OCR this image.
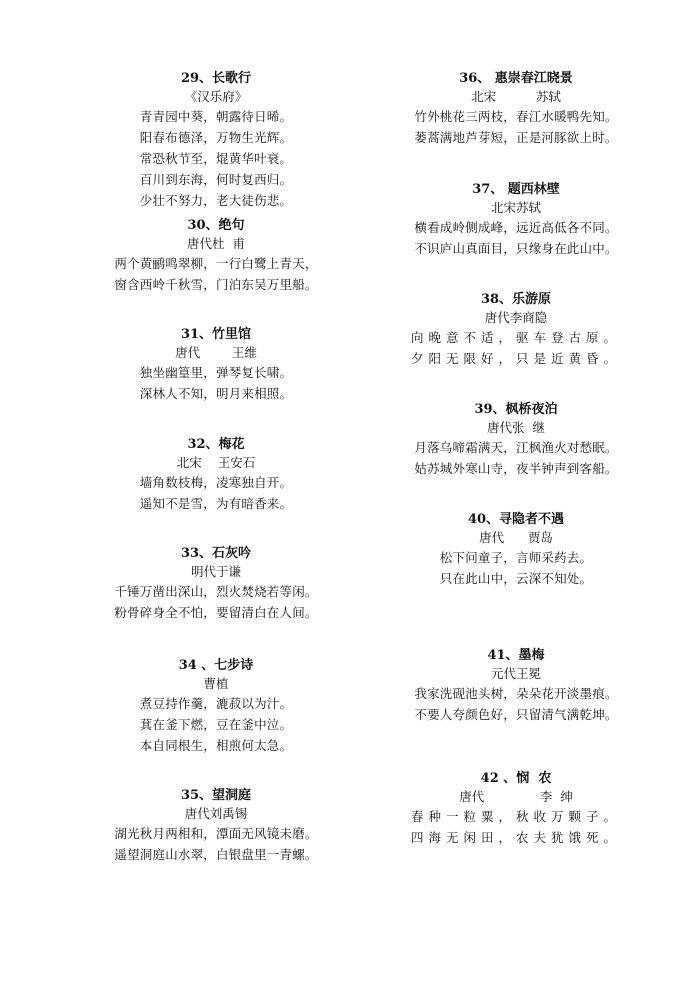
29、长歌行
《汉乐府》
青青园中葵，朝露待日晞。
阳春布德泽，万物生光辉。
常恐秋节至，焜黄华叶衰。
百川到东海，何时复西归。
少壮不努力，老大徒伤悲。
30、绝句
唐代杜  甫
两个黄鹂鸣翠柳，一行白鹭上青天，
窗含西岭千秋雪，门泊东吴万里船。
31、竹里馆
唐代        王维
独坐幽篁里，弹琴复长啸。
深林人不知，明月来相照。
32、梅花
北宋    王安石
墙角数枝梅，凌寒独自开。
遥知不是雪，为有暗香来。
33、石灰吟
明代于谦
千锤万凿出深山，烈火焚烧若等闲。
粉骨碎身全不怕，要留清白在人间。
34 、七步诗
曹植
煮豆持作羹，漉菽以为汁。
萁在釜下燃，豆在釜中泣。
本自同根生，相煎何太急。
35、望洞庭
唐代刘禹锡
湖光秋月两相和，潭面无风镜未磨。
遥望洞庭山水翠，白银盘里一青螺。
36、 惠崇春江晓景
北宋          苏轼
竹外桃花三两枝，春江水暖鸭先知。
蒌蒿满地芦芽短，正是河豚欲上时。
37、 题西林壁
北宋苏轼
横看成岭侧成峰，远近高低各不同。
不识庐山真面目，只缘身在此山中。
38、乐游原
唐代李商隐
向晚意不适，驱车登古原。
夕阳无限好，只是近黄昏。
39、枫桥夜泊
唐代张  继
月落乌啼霜满天，江枫渔火对愁眠。
姑苏城外寒山寺，夜半钟声到客船。
40、寻隐者不遇
唐代      贾岛
松下问童子，言师采药去。
只在此山中，云深不知处。
41、墨梅
元代王冕
我家洗砚池头树，朵朵花开淡墨痕。
不要人夸颜色好，只留清气满乾坤。
42 、悯  农
唐代              李  绅
春种一粒粟，秋收万颗子。
四海无闲田，农夫犹饿死。
